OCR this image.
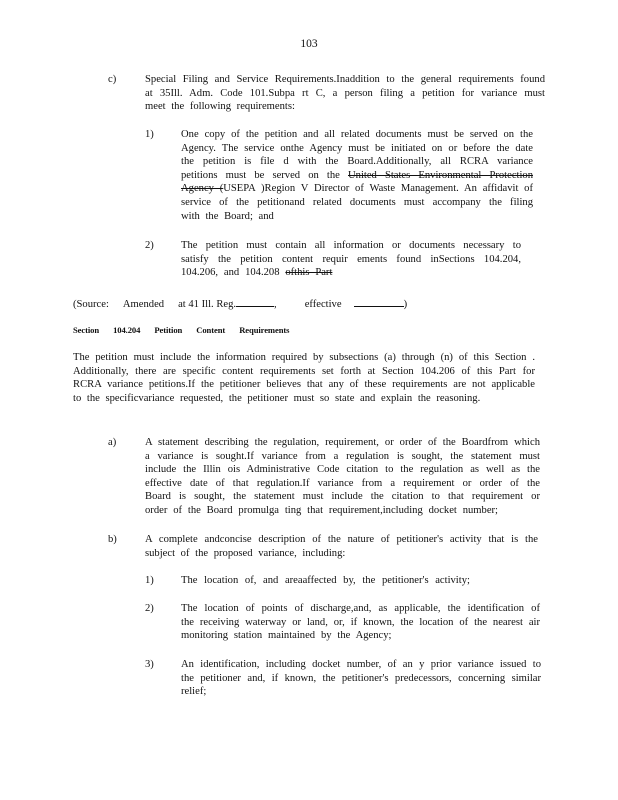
103
c)	Special Filing and Service Requirements.Inaddition to the general requirements found at 35Ill. Adm. Code 101.Subpa rt C, a person filing a petition for variance must meet the following requirements:
1)	One copy of the petition and all related documents must be served on the Agency. The service onthe Agency must be initiated on or before the date the petition is file d with the Board.Additionally, all RCRA variance petitions must be served on the United States Environmental Protection Agency (USEPA )Region V Director of Waste Management. An affidavit of service of the petitionand related documents must accompany the filing with the Board; and
2)	The petition must contain all information or documents necessary to satisfy the petition content requir ements found inSections 104.204, 104.206, and 104.208 ofthis Part
(Source: Amended at 41 Ill. Reg.	,	effective	)
Section 104.204 Petition Content Requirements
The petition must include the information required by subsections (a) through (n) of this Section . Additionally, there are specific content requirements set forth at Section 104.206 of this Part for RCRA variance petitions.If the petitioner believes that any of these requirements are not applicable to the specificvariance requested, the petitioner must so state and explain the reasoning.
a)	A statement describing the regulation, requirement, or order of the Boardfrom which a variance is sought.If variance from a regulation is sought, the statement must include the Illin ois Administrative Code citation to the regulation as well as the effective date of that regulation.If variance from a requirement or order of the Board is sought, the statement must include the citation to that requirement or order of the Board promulga ting that requirement,including docket number;
b)	A complete andconcise description of the nature of petitioner's activity that is the subject of the proposed variance, including:
1)	The location of, and areaaffected by, the petitioner's activity;
2)	The location of points of discharge,and, as applicable, the identification of the receiving waterway or land, or, if known, the location of the nearest air monitoring station maintained by the Agency;
3)	An identification, including docket number, of an y prior variance issued to the petitioner and, if known, the petitioner's predecessors, concerning similar relief;
